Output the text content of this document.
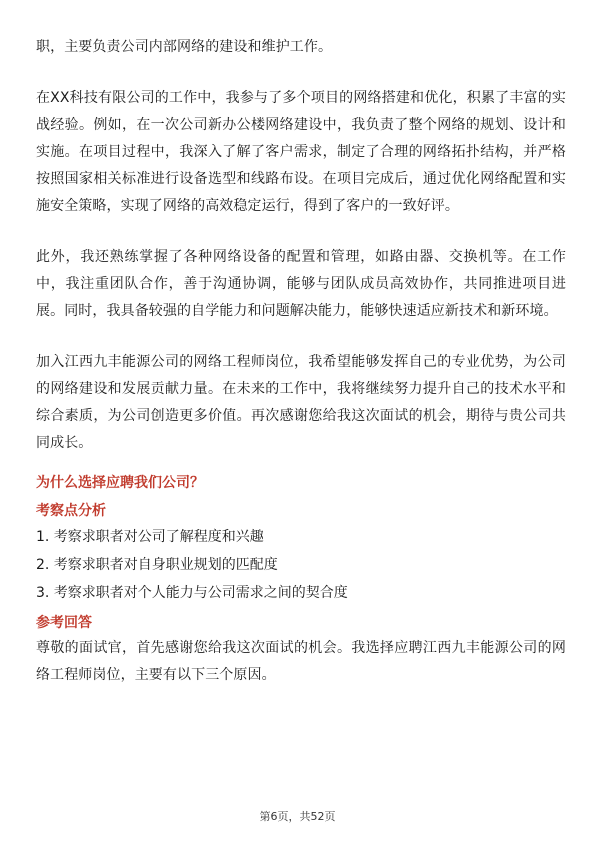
职，主要负责公司内部网络的建设和维护工作。

在XX科技有限公司的工作中，我参与了多个项目的网络搭建和优化，积累了丰富的实战经验。例如，在一次公司新办公楼网络建设中，我负责了整个网络的规划、设计和实施。在项目过程中，我深入了解了客户需求，制定了合理的网络拓扑结构，并严格按照国家相关标准进行设备选型和线路布设。在项目完成后，通过优化网络配置和实施安全策略，实现了网络的高效稳定运行，得到了客户的一致好评。

此外，我还熟练掌握了各种网络设备的配置和管理，如路由器、交换机等。在工作中，我注重团队合作，善于沟通协调，能够与团队成员高效协作，共同推进项目进展。同时，我具备较强的自学能力和问题解决能力，能够快速适应新技术和新环境。

加入江西九丰能源公司的网络工程师岗位，我希望能够发挥自己的专业优势，为公司的网络建设和发展贡献力量。在未来的工作中，我将继续努力提升自己的技术水平和综合素质，为公司创造更多价值。再次感谢您给我这次面试的机会，期待与贵公司共同成长。

为什么选择应聘我们公司？
考察点分析
1. 考察求职者对公司了解程度和兴趣
2. 考察求职者对自身职业规划的匹配度
3. 考察求职者对个人能力与公司需求之间的契合度
参考回答

尊敬的面试官，首先感谢您给我这次面试的机会。我选择应聘江西九丰能源公司的网络工程师岗位，主要有以下三个原因。

第6页，共52页
